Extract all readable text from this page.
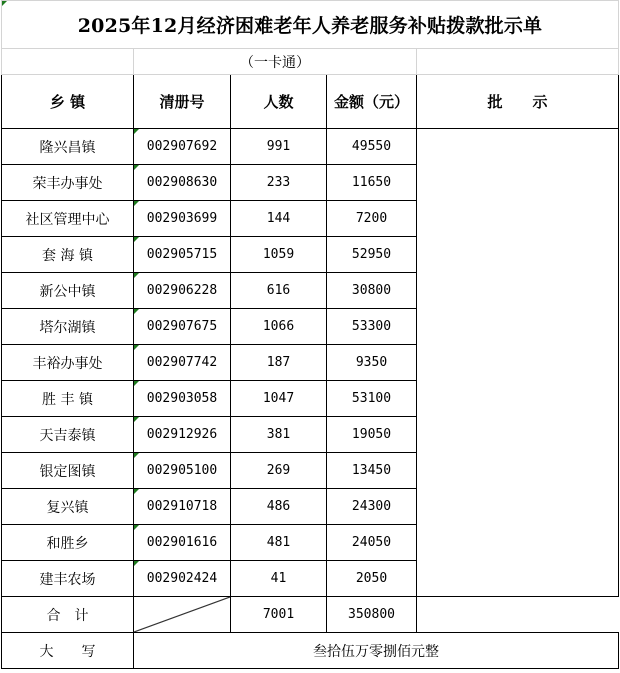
2025年12月经济困难老年人养老服务补贴拨款批示单				
	（一卡通）			
乡 镇	清册号	人数	金额（元）	批　　示
隆兴昌镇	002907692	991	49550	
荣丰办事处	002908630	233	11650	
社区管理中心	002903699	144	7200	
套 海 镇	002905715	1059	52950	
新公中镇	002906228	616	30800	
塔尔湖镇	002907675	1066	53300	
丰裕办事处	002907742	187	9350	
胜 丰 镇	002903058	1047	53100	
天吉泰镇	002912926	381	19050	
银定图镇	002905100	269	13450	
复兴镇	002910718	486	24300	
和胜乡	002901616	481	24050	
建丰农场	002902424	41	2050	
合　计		7001	350800	
大　　写	叁拾伍万零捌佰元整			
